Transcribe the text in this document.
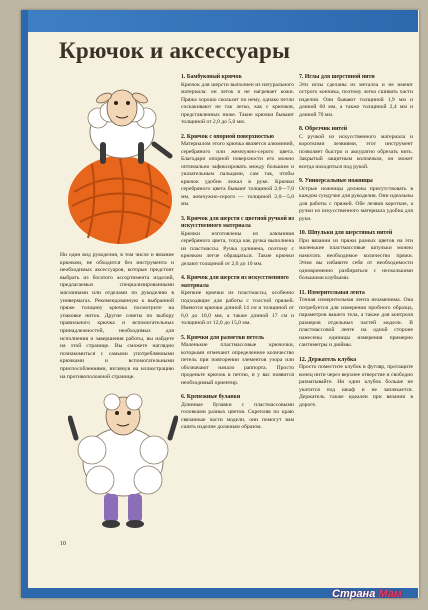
Крючок и аксессуары
Ни один вид рукоделия, в том числе и вязание крючком, не обходится без инструмента и необходимых аксессуаров, которые предстоит выбрать из богатого ассортимента изделий, предлагаемых специализированными магазинами или отделами по рукоделию в универмагах. Рекомендованную к выбранной пряже толщину крючка посмотрите на упаковке ниток. Другие советы по выбору правильного крючка и вспомогательных принадлежностей, необходимых для исполнения и завершения работы, вы найдете на этой странице. Вы сможете наглядно познакомиться с самыми употребляемыми крючками и вспомогательными приспособлениями, взглянув на иллюстрацию на противоположной странице.
1. Бамбуковый крючок

Крючок для шерсти выполнен из натурального материала: он легок и не нагревает кожи. Пряжа хорошо скользит по нему, однако петли соскакивают не так легко, как с крючков, представленных ниже. Такие крючки бывают толщиной от 2,0 до 5,0 мм.

2. Крючок с опорной поверхностью

Материалом этого крючка является алюминий, серебряного или жемчужно-серого цвета. Благодаря опорной поверхности его можно оптимально зафиксировать между большим и указательным пальцами, сам так, чтобы крючок удобно лежал в руке. Крючки серебряного цвета бывают толщиной 2,0—7,0 мм, жемчужно-серого — толщиной 2,0—5,0 мм.

3. Крючок для шерсти с цветной ручкой из искусственного материала

Крючки изготовлены из алюминия серебряного цвета, тогда как ручка выполнена из пластмассы. Ручка удлинена, поэтому с крючком легче обращаться. Такие крючки делают толщиной от 2,0 до 10 мм.

4. Крючок для шерсти из искусственного материала

Крепкие крючки из пластмассы, особенно подходящие для работы с толстой пряжей. Имеются крючки длиной 14 см и толщиной от 6,0 до 10,0 мм, а также длиной 17 см и толщиной от 12,0 до 15,0 мм.

5. Крючки для разметки петель

Маленькие пластмассовые крючочки, которыми отмечают определенное количество петель при повторении элементов узора или обозначают начало раппорта. Просто проденьте крючок в петлю, и у вас появится необходимый ориентир.

6. Крепежные булавки

Длинные булавки с пластмассовыми головками разных цветов. Скрепляя по краю связанные части модели, они помогут вам сшить изделие должным образом.

7. Иглы для шерстяной нити

Эти иглы сделаны из металла и не имеют острого кончика, поэтому легко сшивать части изделия. Они бывают толщиной 1,9 мм и длиной 60 мм, а также толщиной 2,4 мм и длиной 70 мм.

8. Обрезчик нитей

С ручкой из искусственного материала и короткими лезвиями, этот инструмент позволяет быстро и аккуратно обрезать нить. Закрытый защитным колпачком, он может всегда находиться под рукой.

9. Универсальные ножницы

Острые ножницы должны присутствовать в каждом сундучке для рукоделия. Они идеальны для работы с пряжей. Обе лезвия короткие, а ручки из искусственного материала удобна для руки.

10. Шпульки для шерстяных нитей

При вязании из пряжи разных цветов на эти маленькие пластмассовые шпульки можно намотать необходимое количество пряжи. Этим вы избавите себя от необходимости одновременно разбираться с несколькими большими клубками.

11. Измерительная лента

Точная измерительная лента незаменима. Она потребуется для измерения пробного образца, параметров вашего тела, а также для контроля размеров отдельных частей модели. В пластмассовой ленте на одной стороне нанесены единицы измерения примерно сантиметры и дюймы.

12. Держатель клубка

Просто поместите клубок в футляр, протащите конец нити через верхнее отверстие и свободно разматывайте. Ни один клубок больше не укатится под шкаф и не запачкается. Держатель также идеален при вязании в дороге.

10
Страна Мам
